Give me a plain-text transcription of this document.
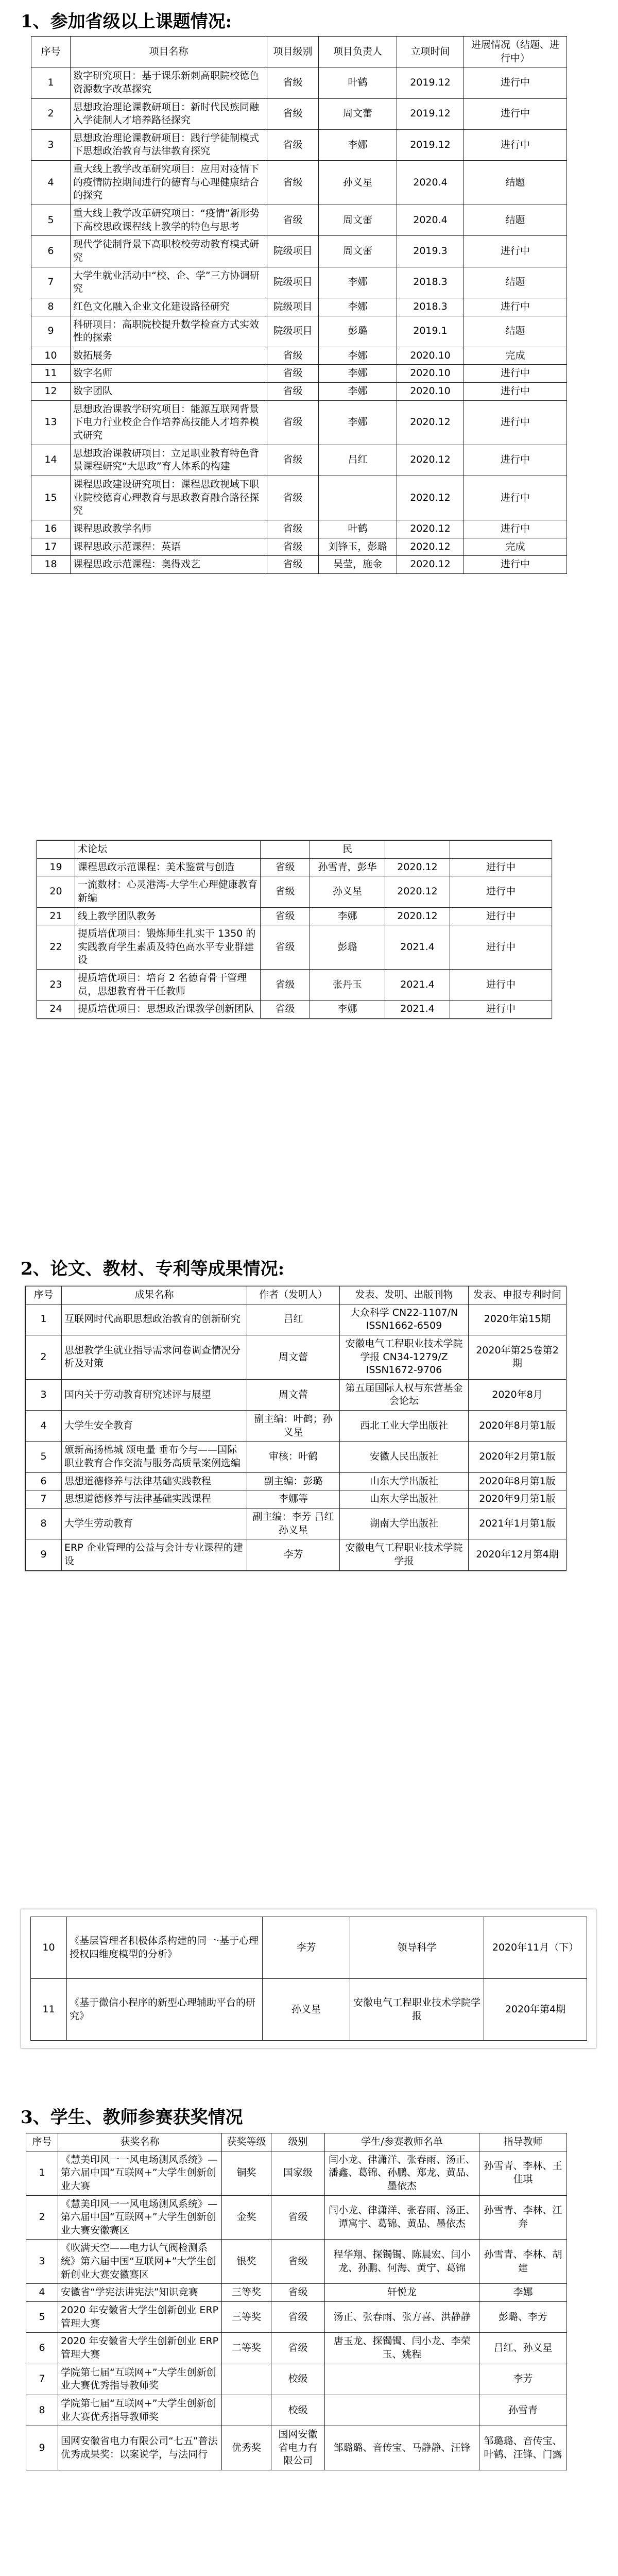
1、参加省级以上课题情况:
序号	项目名称	项目级别	项目负责人	立项时间	进展情况（结题、进行中）
1	数字研究项目：基于课乐新刺高职院校德色资源数字改革探究	省级	叶鹤	2019.12	进行中
2	思想政治理论课教研项目：新时代民族同融入学徒制人才培养路径探究	省级	周文蕾	2019.12	进行中
3	思想政治理论课教研项目：践行学徒制模式下思想政治教育与法律教育探究	省级	李娜	2019.12	进行中
4	重大线上教学改革研究项目：应用对疫情下的疫情防控期间进行的德育与心理健康结合的探究	省级	孙义星	2020.4	结题
5	重大线上教学改革研究项目：“疫情”新形势下高校思政课程线上教学的特色与思考	省级	周文蕾	2020.4	结题
6	现代学徒制背景下高职校校劳动教育模式研究	院级项目	周文蕾	2019.3	进行中
7	大学生就业活动中“校、企、学”三方协调研究	院级项目	李娜	2018.3	结题
8	红色文化融入企业文化建设路径研究	院级项目	李娜	2018.3	进行中
9	科研项目：高职院校提升数学检查方式实效性的探索	院级项目	彭璐	2019.1	结题
10	数拓展务	省级	李娜	2020.10	完成
11	数字名师	省级	李娜	2020.10	进行中
12	数字团队	省级	李娜	2020.10	进行中
13	思想政治课教学研究项目：能源互联网背景下电力行业校企合作培养高技能人才培养模式研究	省级	李娜	2020.12	进行中
14	思想政治课教研项目：立足职业教育特色背景课程研究“大思政”育人体系的构建	省级	吕红	2020.12	进行中
15	课程思政建设研究项目：课程思政视域下职业院校德育心理教育与思政教育融合路径探究	省级		2020.12	进行中
16	课程思政教学名师	省级	叶鹤	2020.12	进行中
17	课程思政示范课程：英语	省级	刘锋玉，彭璐	2020.12	完成
18	课程思政示范课程：奥得戏艺	省级	吴莹，施金	2020.12	进行中
	术论坛		民		
19	课程思政示范课程：美术鉴赏与创造	省级	孙雪青，彭华	2020.12	进行中
20	一流数材：心灵港湾-大学生心理健康教育新编	省级	孙义星	2020.12	进行中
21	线上教学团队教务	省级	李娜	2020.12	进行中
22	提质培优项目：锻炼师生扎实干 1350 的实践教育学生素质及特色高水平专业群建设	省级	彭璐	2021.4	进行中
23	提质培优项目：培育 2 名德育骨干管理员，思想教育骨干任教师	省级	张丹玉	2021.4	进行中
24	提质培优项目：思想政治课教学创新团队	省级	李娜	2021.4	进行中
2、论文、教材、专利等成果情况:
序号	成果名称	作者（发明人）	发表、发明、出版刊物	发表、申报专利时间
1	互联网时代高职思想政治教育的创新研究	吕红	大众科学 CN22-1107/N ISSN1662-6509	2020年第15期
2	思想教学生就业指导需求问卷调查情况分析及对策	周文蕾	安徽电气工程职业技术学院学报 CN34-1279/Z ISSN1672-9706	2020年第25卷第2期
3	国内关于劳动教育研究述评与展望	周文蕾	第五届国际人权与东营基金会论坛	2020年8月
4	大学生安全教育	副主编：叶鹤；孙义星	西北工业大学出版社	2020年8月第1版
5	颁新高扬棉城 颂电量 垂布今与——国际职业教育合作交流与服务高质量案例选编	审核：叶鹤	安徽人民出版社	2020年2月第1版
6	思想道德修养与法律基础实践教程	副主编：彭璐	山东大学出版社	2020年8月第1版
7	思想道德修养与法律基础实践课程	李娜等	山东大学出版社	2020年9月第1版
8	大学生劳动教育	副主编：李芳 吕红 孙义星	湖南大学出版社	2021年1月第1版
9	ERP 企业管理的公益与会计专业课程的建设	李芳	安徽电气工程职业技术学院学报	2020年12月第4期
10	《基层管理者积极体系构建的同一·基于心理授权四维度模型的分析》	李芳	领导科学	2020年11月（下）
11	《基于微信小程序的新型心理辅助平台的研究》	孙义星	安徽电气工程职业技术学院学报	2020年第4期
3、学生、教师参赛获奖情况
序号	获奖名称	获奖等级	级别	学生/参赛教师名单	指导教师
1	《慧美印风一一风电场测风系统》—第六届中国“互联网+”大学生创新创业大赛	铜奖	国家级	闫小龙、律潇洋、张春雨、汤正、潘鑫、葛锦、孙鹏、郑龙、黄品、墨依杰	孙雪青、李林、王佳琪
2	《慧美印风一一风电场测风系统》—第六届中国“互联网+”大学生创新创业大赛安徽赛区	金奖	省级	闫小龙、律潇洋、张春雨、汤正、谭寓宇、葛锦、黄品、墨依杰	孙雪青、李林、江奔
3	《吹满天空——电力认气阀检测系统》第六届中国“互联网+”大学生创新创业大赛安徽赛区	银奖	省级	程华翔、探镯镯、陈晨宏、闫小龙、孙鹏、何海、黄宁、葛锦	孙雪青、李林、胡建
4	安徽省“学宪法讲宪法”知识竞赛	三等奖	省级	轩悦龙	李娜
5	2020 年安徽省大学生创新创业 ERP 管理大赛	三等奖	省级	汤正、张春雨、张方喜、洪静静	彭璐、李芳
6	2020 年安徽省大学生创新创业 ERP 管理大赛	二等奖	省级	唐玉龙、探镯镯、闫小龙、李荣玉、姚程	吕红、孙义星
7	学院第七届“互联网+”大学生创新创业大赛优秀指导教师奖		校级		李芳
8	学院第七届“互联网+”大学生创新创业大赛优秀指导教师奖		校级		孙雪青
9	国网安徽省电力有限公司“七五”普法优秀成果奖：以案说学，与法同行	优秀奖	国网安徽省电力有限公司	邹璐璐、音传宝、马静静、汪锋	邹璐璐、音传宝、叶鹤、汪锋、门露
